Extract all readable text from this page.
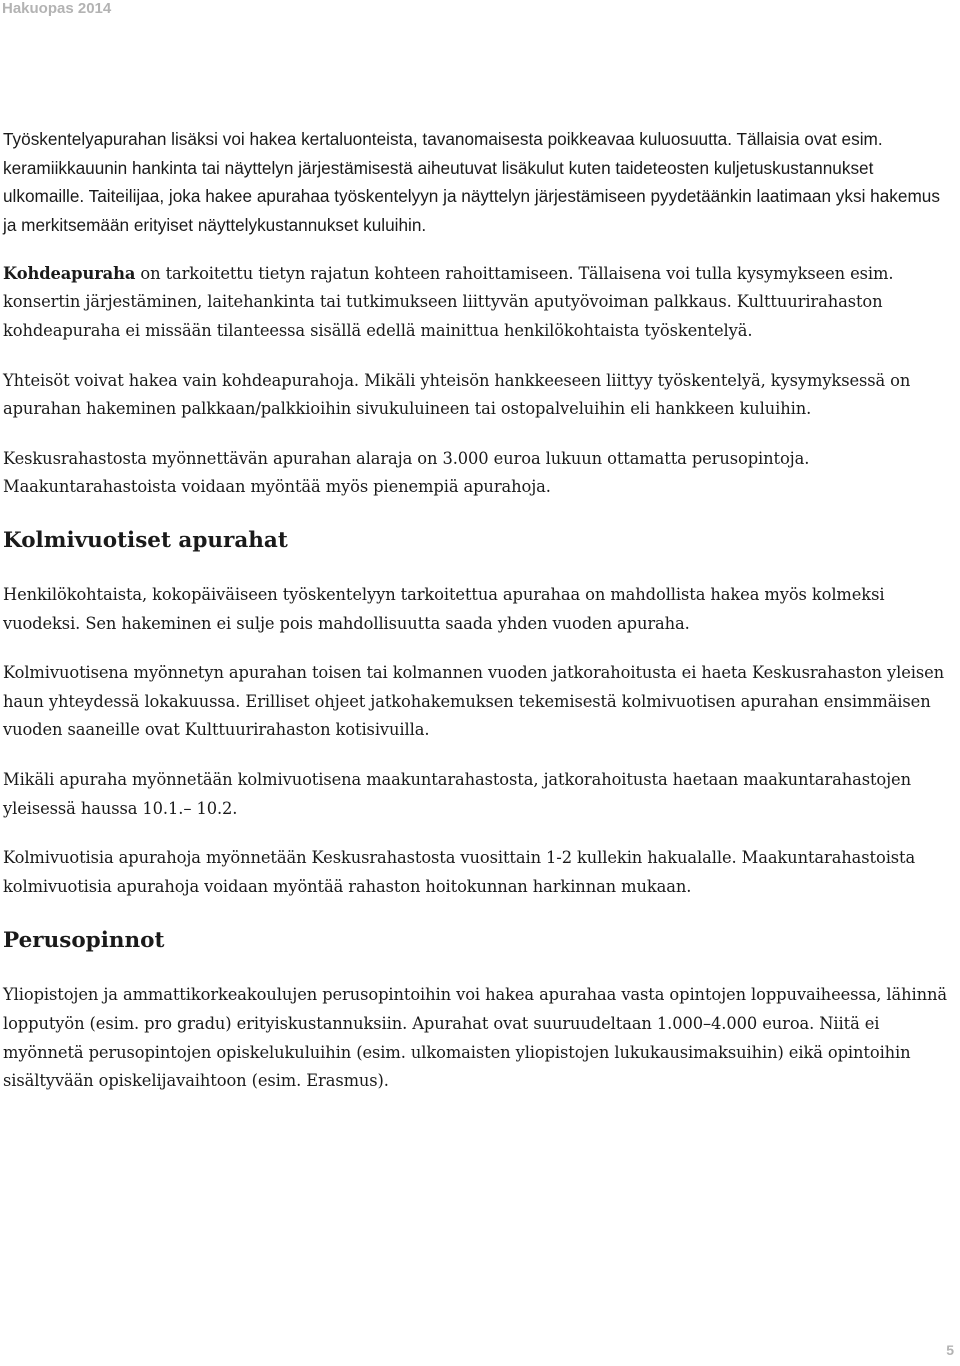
Hakuopas 2014

Työskentelyapurahan lisäksi voi hakea kertaluonteista, tavanomaisesta poikkeavaa kuluosuutta. Tällaisia ovat esim. keramiikkauunin hankinta tai näyttelyn järjestämisestä aiheutuvat lisäkulut kuten taideteosten kuljetuskustannukset ulkomaille. Taiteilijaa, joka hakee apurahaa työskentelyyn ja näyttelyn järjestämiseen pyydetäänkin laatimaan yksi hakemus ja merkitsemään erityiset näyttelykustannukset kuluihin.

Kohdeapuraha on tarkoitettu tietyn rajatun kohteen rahoittamiseen. Tällaisena voi tulla kysymykseen esim. konsertin järjestäminen, laitehankinta tai tutkimukseen liittyvän aputyövoiman palkkaus. Kulttuurirahaston kohdeapuraha ei missään tilanteessa sisällä edellä mainittua henkilökohtaista työskentelyä.

Yhteisöt voivat hakea vain kohdeapurahoja. Mikäli yhteisön hankkeeseen liittyy työskentelyä, kysymyksessä on apurahan hakeminen palkkaan/palkkioihin sivukuluineen tai ostopalveluihin eli hankkeen kuluihin.

Keskusrahastosta myönnettävän apurahan alaraja on 3.000 euroa lukuun ottamatta perusopintoja. Maakuntarahastoista voidaan myöntää myös pienempiä apurahoja.

Kolmivuotiset apurahat

Henkilökohtaista, kokopäiväiseen työskentelyyn tarkoitettua apurahaa on mahdollista hakea myös kolmeksi vuodeksi. Sen hakeminen ei sulje pois mahdollisuutta saada yhden vuoden apuraha.

Kolmivuotisena myönnetyn apurahan toisen tai kolmannen vuoden jatkorahoitusta ei haeta Keskusrahaston yleisen haun yhteydessä lokakuussa. Erilliset ohjeet jatkohakemuksen tekemisestä kolmivuotisen apurahan ensimmäisen vuoden saaneille ovat Kulttuurirahaston kotisivuilla.

Mikäli apuraha myönnetään kolmivuotisena maakuntarahastosta, jatkorahoitusta haetaan maakuntarahastojen yleisessä haussa 10.1.– 10.2.

Kolmivuotisia apurahoja myönnetään Keskusrahastosta vuosittain 1-2 kullekin hakualalle. Maakuntarahastoista kolmivuotisia apurahoja voidaan myöntää rahaston hoitokunnan harkinnan mukaan.

Perusopinnot

Yliopistojen ja ammattikorkeakoulujen perusopintoihin voi hakea apurahaa vasta opintojen loppuvaiheessa, lähinnä lopputyön (esim. pro gradu) erityiskustannuksiin. Apurahat ovat suuruudeltaan 1.000–4.000 euroa. Niitä ei myönnetä perusopintojen opiskelukuluihin (esim. ulkomaisten yliopistojen lukukausimaksuihin) eikä opintoihin sisältyvään opiskelijavaihtoon (esim. Erasmus).

5
